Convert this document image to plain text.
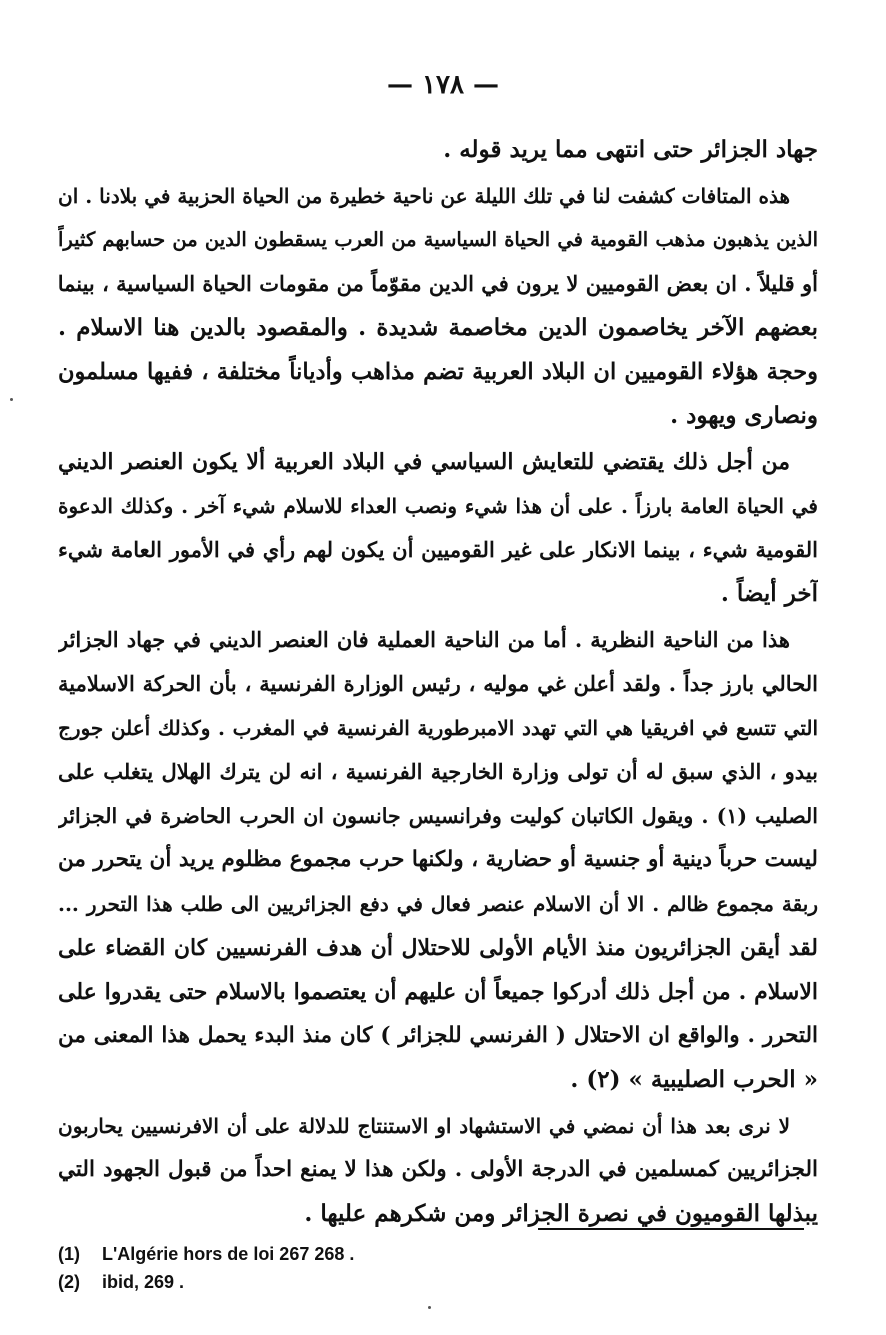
— ١٧٨ —
جهاد الجزائر حتى انتهى مما يريد قوله .
هذه المتافات كشفت لنا في تلك الليلة عن ناحية خطيرة من الحياة الحزبية في بلادنا . ان
الذين يذهبون مذهب القومية في الحياة السياسية من العرب يسقطون الدين من حسابهم كثيراً
أو قليلاً . ان بعض القوميين لا يرون في الدين مقوّماً من مقومات الحياة السياسية ، بينما
بعضهم الآخر يخاصمون الدين مخاصمة شديدة . والمقصود بالدين هنا الاسلام .
وحجة هؤلاء القوميين ان البلاد العربية تضم مذاهب وأدياناً مختلفة ، ففيها مسلمون
ونصارى ويهود .
من أجل ذلك يقتضي للتعايش السياسي في البلاد العربية ألا يكون العنصر الديني
في الحياة العامة بارزاً . على أن هذا شيء ونصب العداء للاسلام شيء آخر . وكذلك الدعوة
القومية شيء ، بينما الانكار على غير القوميين أن يكون لهم رأي في الأمور العامة شيء
آخر أيضاً .
هذا من الناحية النظرية . أما من الناحية العملية فان العنصر الديني في جهاد الجزائر
الحالي بارز جداً . ولقد أعلن غي موليه ، رئيس الوزارة الفرنسية ، بأن الحركة الاسلامية
التي تتسع في افريقيا هي التي تهدد الامبرطورية الفرنسية في المغرب . وكذلك أعلن جورج
بيدو ، الذي سبق له أن تولى وزارة الخارجية الفرنسية ، انه لن يترك الهلال يتغلب على
الصليب (١) . ويقول الكاتبان كوليت وفرانسيس جانسون ان الحرب الحاضرة في الجزائر
ليست حرباً دينية أو جنسية أو حضارية ، ولكنها حرب مجموع مظلوم يريد أن يتحرر من
ربقة مجموع ظالم . الا أن الاسلام عنصر فعال في دفع الجزائريين الى طلب هذا التحرر ...
لقد أيقن الجزائريون منذ الأيام الأولى للاحتلال أن هدف الفرنسيين كان القضاء على
الاسلام . من أجل ذلك أدركوا جميعاً أن عليهم أن يعتصموا بالاسلام حتى يقدروا على
التحرر . والواقع ان الاحتلال ( الفرنسي للجزائر ) كان منذ البدء يحمل هذا المعنى من
« الحرب الصليبية » (٢) .
لا نرى بعد هذا أن نمضي في الاستشهاد او الاستنتاج للدلالة على أن الافرنسيين يحاربون
الجزائريين كمسلمين في الدرجة الأولى . ولكن هذا لا يمنع احداً من قبول الجهود التي
يبذلها القوميون في نصرة الجزائر ومن شكرهم عليها .
(1) L'Algérie hors de loi 267 268 .
(2) ibid, 269 .
